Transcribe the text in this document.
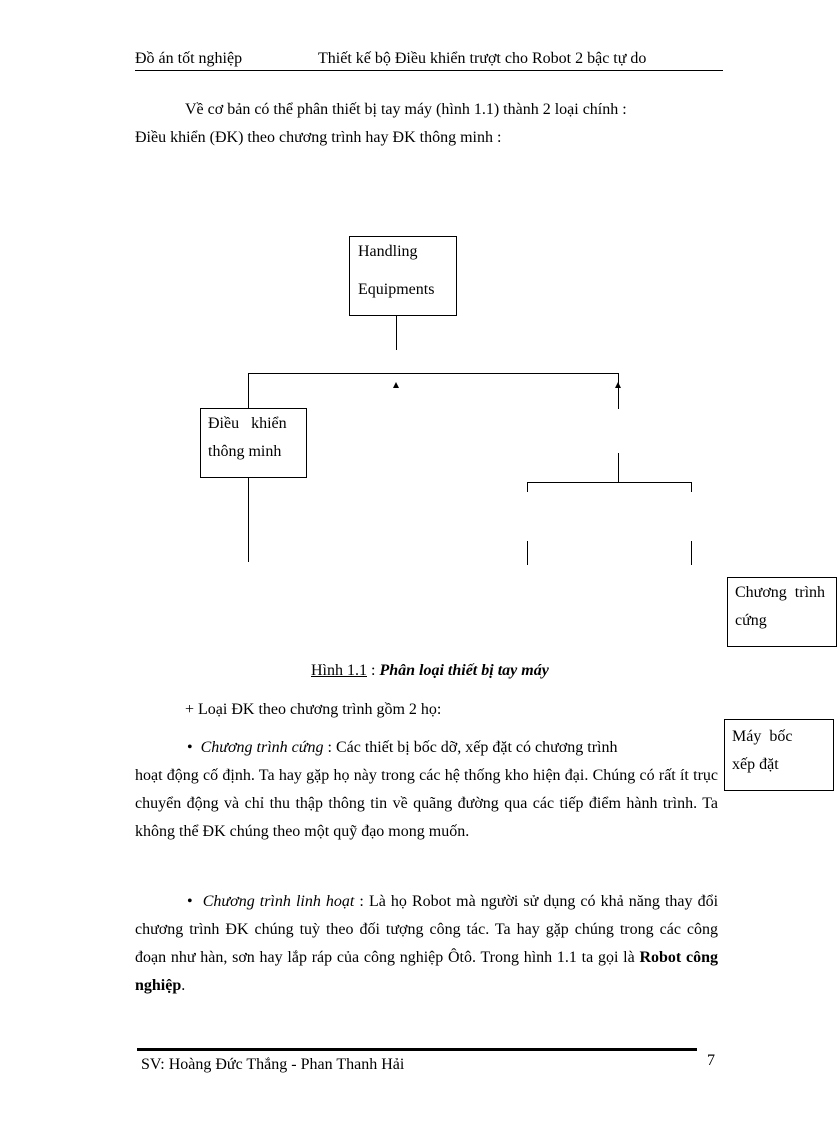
Đồ án tốt nghiệp	Thiết kế bộ Điều khiển trượt cho Robot 2 bậc tự do
Về cơ bản có thể phân thiết bị tay máy (hình 1.1) thành 2 loại chính :
Điều khiển (ĐK) theo chương trình hay ĐK thông minh :
Handling
Equipments
Điều   khiển
thông minh
Chương  trình
cứng
Máy  bốc
xếp đặt
Hình 1.1 : Phân loại thiết bị tay máy
+ Loại ĐK theo chương trình gồm 2 họ:
•  Chương trình cứng : Các thiết bị bốc dỡ, xếp đặt có chương trình
hoạt động cố định. Ta hay gặp họ này trong các hệ thống kho hiện đại. Chúng có rất ít trục chuyển động và chỉ thu thập thông tin về quãng đường qua các tiếp điểm hành trình. Ta không thể ĐK chúng theo một quỹ đạo mong muốn.
•  Chương trình linh hoạt : Là họ Robot mà người sử dụng có khả năng thay đổi chương trình ĐK chúng tuỳ theo đối tượng công tác. Ta hay gặp chúng trong các công đoạn như hàn, sơn hay lắp ráp của công nghiệp Ôtô. Trong hình 1.1 ta gọi là Robot công nghiệp.
SV: Hoàng Đức Thắng - Phan Thanh Hải	7
